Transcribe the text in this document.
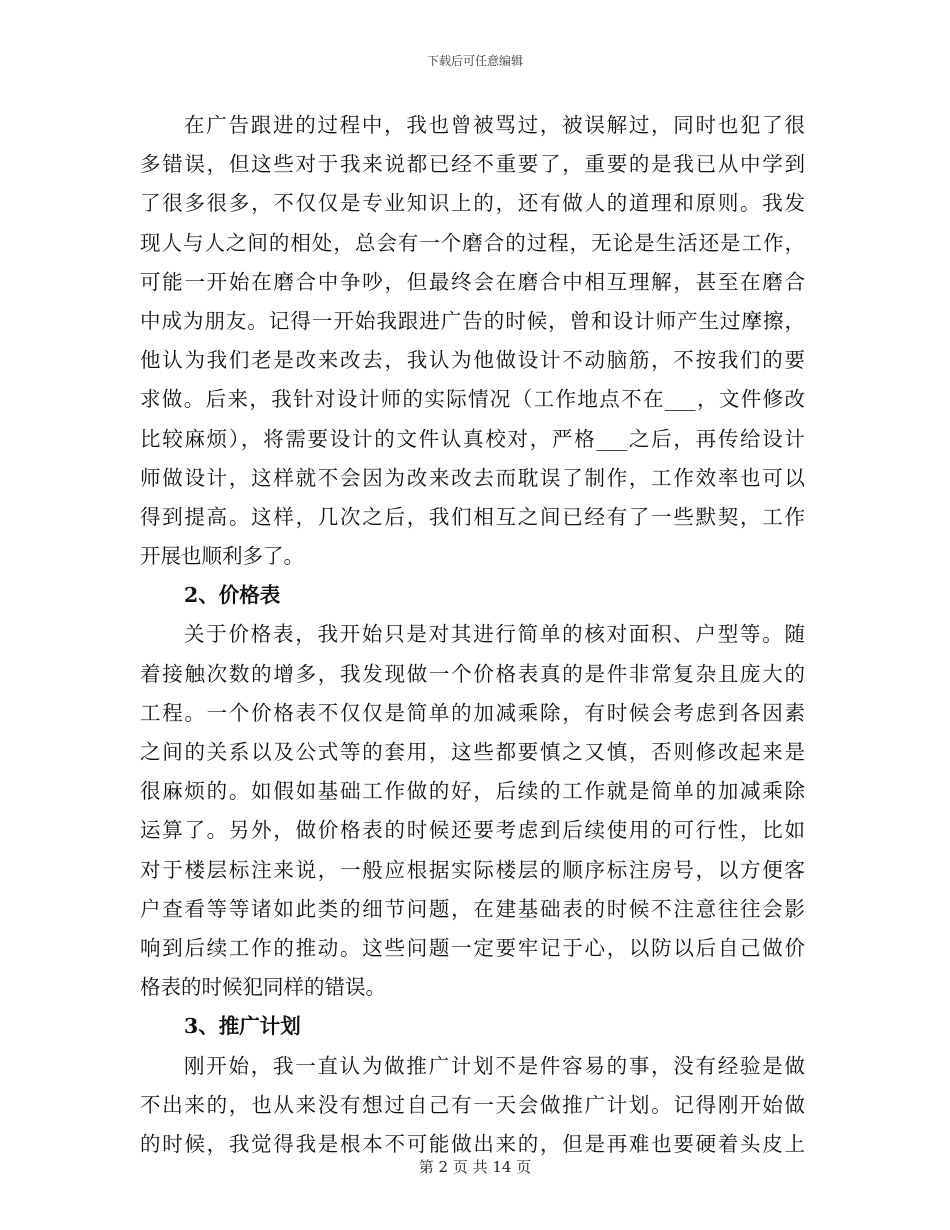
下载后可任意编辑
在广告跟进的过程中，我也曾被骂过，被误解过，同时也犯了很
多错误，但这些对于我来说都已经不重要了，重要的是我已从中学到
了很多很多，不仅仅是专业知识上的，还有做人的道理和原则。我发
现人与人之间的相处，总会有一个磨合的过程，无论是生活还是工作，
可能一开始在磨合中争吵，但最终会在磨合中相互理解，甚至在磨合
中成为朋友。记得一开始我跟进广告的时候，曾和设计师产生过摩擦，
他认为我们老是改来改去，我认为他做设计不动脑筋，不按我们的要
求做。后来，我针对设计师的实际情况（工作地点不在___，文件修改
比较麻烦），将需要设计的文件认真校对，严格___之后，再传给设计
师做设计，这样就不会因为改来改去而耽误了制作，工作效率也可以
得到提高。这样，几次之后，我们相互之间已经有了一些默契，工作
开展也顺利多了。
2、价格表
关于价格表，我开始只是对其进行简单的核对面积、户型等。随
着接触次数的增多，我发现做一个价格表真的是件非常复杂且庞大的
工程。一个价格表不仅仅是简单的加减乘除，有时候会考虑到各因素
之间的关系以及公式等的套用，这些都要慎之又慎，否则修改起来是
很麻烦的。如假如基础工作做的好，后续的工作就是简单的加减乘除
运算了。另外，做价格表的时候还要考虑到后续使用的可行性，比如
对于楼层标注来说，一般应根据实际楼层的顺序标注房号，以方便客
户查看等等诸如此类的细节问题，在建基础表的时候不注意往往会影
响到后续工作的推动。这些问题一定要牢记于心，以防以后自己做价
格表的时候犯同样的错误。
3、推广计划
刚开始，我一直认为做推广计划不是件容易的事，没有经验是做
不出来的，也从来没有想过自己有一天会做推广计划。记得刚开始做
的时候，我觉得我是根本不可能做出来的，但是再难也要硬着头皮上
第 2 页 共 14 页
